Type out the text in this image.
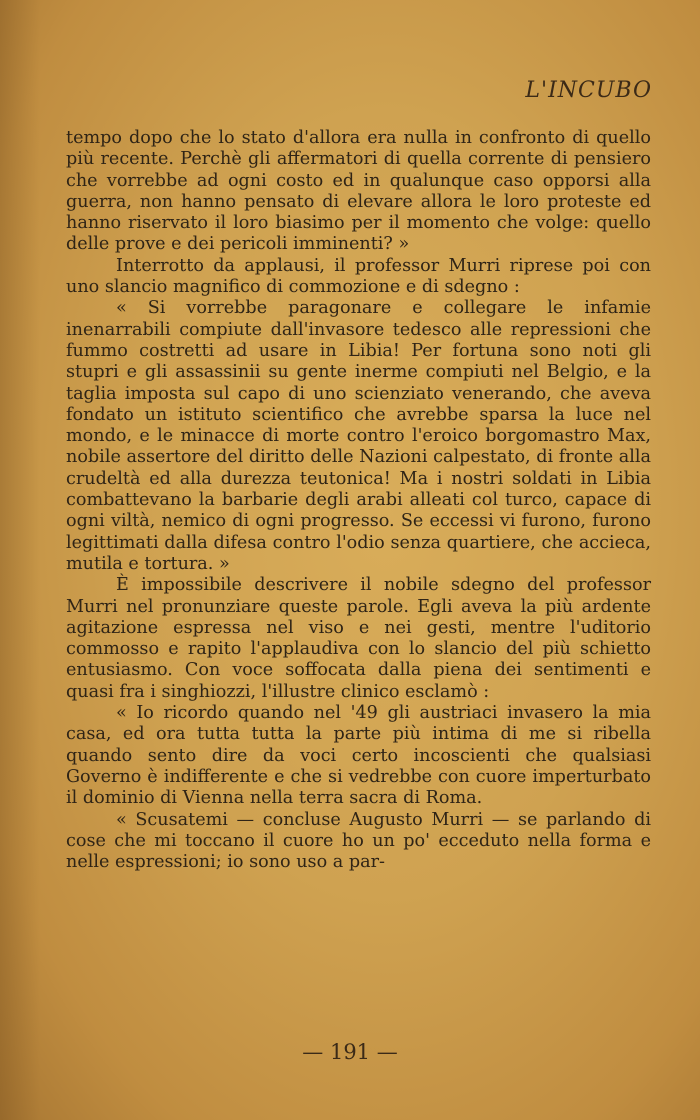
L'INCUBO

tempo dopo che lo stato d'allora era nulla in confronto di quello più recente. Perchè gli affermatori di quella corrente di pensiero che vorrebbe ad ogni costo ed in qualunque caso opporsi alla guerra, non hanno pensato di elevare allora le loro proteste ed hanno riservato il loro biasimo per il momento che volge: quello delle prove e dei pericoli imminenti? »

Interrotto da applausi, il professor Murri riprese poi con uno slancio magnifico di commozione e di sdegno :

« Si vorrebbe paragonare e collegare le infamie inenarrabili compiute dall'invasore tedesco alle repressioni che fummo costretti ad usare in Libia! Per fortuna sono noti gli stupri e gli assassinii su gente inerme compiuti nel Belgio, e la taglia imposta sul capo di uno scienziato venerando, che aveva fondato un istituto scientifico che avrebbe sparsa la luce nel mondo, e le minacce di morte contro l'eroico borgomastro Max, nobile assertore del diritto delle Nazioni calpestato, di fronte alla crudeltà ed alla durezza teutonica! Ma i nostri soldati in Libia combattevano la barbarie degli arabi alleati col turco, capace di ogni viltà, nemico di ogni progresso. Se eccessi vi furono, furono legittimati dalla difesa contro l'odio senza quartiere, che accieca, mutila e tortura. »

È impossibile descrivere il nobile sdegno del professor Murri nel pronunziare queste parole. Egli aveva la più ardente agitazione espressa nel viso e nei gesti, mentre l'uditorio commosso e rapito l'applaudiva con lo slancio del più schietto entusiasmo. Con voce soffocata dalla piena dei sentimenti e quasi fra i singhiozzi, l'illustre clinico esclamò :

« Io ricordo quando nel '49 gli austriaci invasero la mia casa, ed ora tutta tutta la parte più intima di me si ribella quando sento dire da voci certo incoscienti che qualsiasi Governo è indifferente e che si vedrebbe con cuore imperturbato il dominio di Vienna nella terra sacra di Roma.

« Scusatemi — concluse Augusto Murri — se parlando di cose che mi toccano il cuore ho un po' ecceduto nella forma e nelle espressioni; io sono uso a par-

— 191 —
